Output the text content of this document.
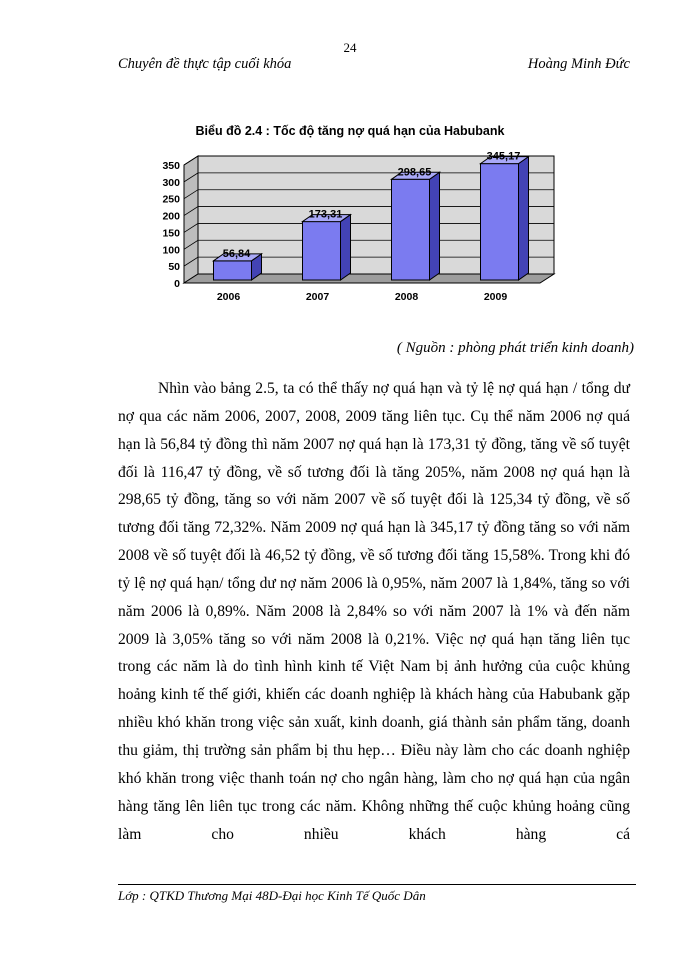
24
Chuyên đề thực tập cuối khóa	Hoàng Minh Đức
Biểu đồ 2.4 : Tốc độ tăng nợ quá hạn của Habubank
0
50
100
150
200
250
300
350
56,84
2006
173,31
2007
298,65
2008
345,17
2009
( Nguồn : phòng phát triển kinh doanh)

Nhìn vào bảng 2.5, ta có thể thấy nợ quá hạn và tỷ lệ nợ quá hạn / tổng dư nợ qua các năm 2006, 2007, 2008, 2009 tăng liên tục. Cụ thể năm 2006 nợ quá hạn là 56,84 tỷ đồng thì năm 2007 nợ quá hạn là 173,31 tỷ đồng, tăng về số tuyệt đối là 116,47 tỷ đồng, về số tương đối là tăng 205%, năm 2008 nợ quá hạn là 298,65 tỷ đồng, tăng so với năm 2007 về số tuyệt đối là 125,34 tỷ đồng, về số tương đối tăng 72,32%. Năm 2009 nợ quá hạn là 345,17 tỷ đồng tăng so với năm 2008 về số tuyệt đối là 46,52 tỷ đồng, về số tương đối tăng 15,58%. Trong khi đó tỷ lệ nợ quá hạn/ tổng dư nợ năm 2006 là 0,95%, năm 2007 là 1,84%, tăng so với năm 2006 là 0,89%. Năm 2008 là 2,84% so với năm 2007 là 1% và đến năm 2009 là 3,05% tăng so với năm 2008 là 0,21%. Việc nợ quá hạn tăng liên tục trong các năm là do tình hình kinh tế Việt Nam bị ảnh hưởng của cuộc khủng hoảng kinh tế thế giới, khiến các doanh nghiệp là khách hàng của Habubank gặp nhiều khó khăn trong việc sản xuất, kinh doanh, giá thành sản phẩm tăng, doanh thu giảm, thị trường sản phẩm bị thu hẹp… Điều này làm cho các doanh nghiệp khó khăn trong việc thanh toán nợ cho ngân hàng, làm cho nợ quá hạn của ngân hàng tăng lên liên tục trong các năm. Không những thế cuộc khủng hoảng cũng làm cho nhiều khách hàng cá

Lớp : QTKD Thương Mại 48D-Đại học Kinh Tế Quốc Dân
